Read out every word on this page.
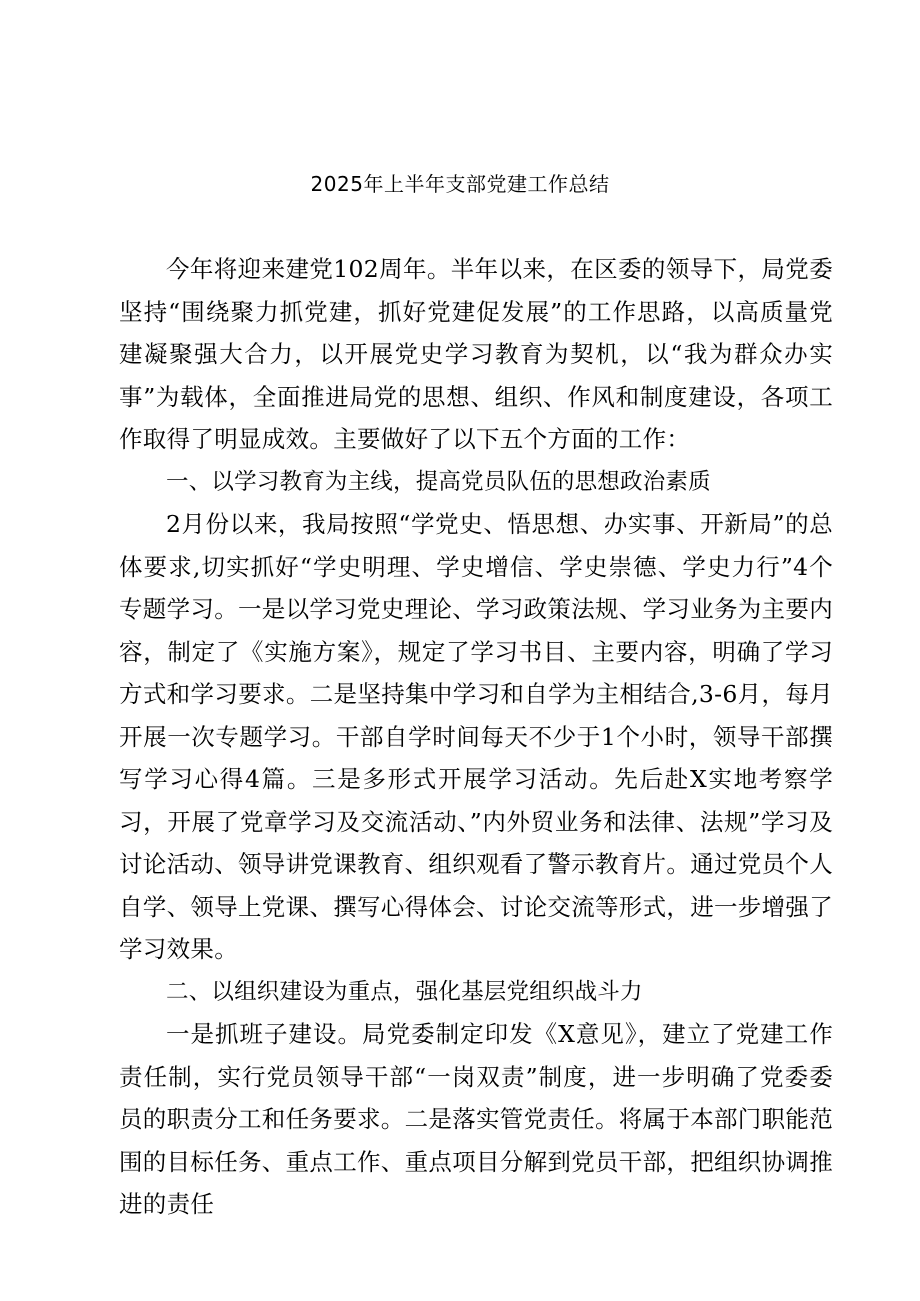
2025年上半年支部党建工作总结

今年将迎来建党102周年。半年以来，在区委的领导下，局党委坚持“围绕聚力抓党建，抓好党建促发展”的工作思路，以高质量党建凝聚强大合力，以开展党史学习教育为契机，以“我为群众办实事”为载体，全面推进局党的思想、组织、作风和制度建设，各项工作取得了明显成效。主要做好了以下五个方面的工作：

一、以学习教育为主线，提高党员队伍的思想政治素质

2月份以来，我局按照“学党史、悟思想、办实事、开新局”的总体要求,切实抓好“学史明理、学史增信、学史崇德、学史力行”4个专题学习。一是以学习党史理论、学习政策法规、学习业务为主要内容，制定了《实施方案》，规定了学习书目、主要内容，明确了学习方式和学习要求。二是坚持集中学习和自学为主相结合,3-6月，每月开展一次专题学习。干部自学时间每天不少于1个小时，领导干部撰写学习心得4篇。三是多形式开展学习活动。先后赴X实地考察学习，开展了党章学习及交流活动、”内外贸业务和法律、法规”学习及讨论活动、领导讲党课教育、组织观看了警示教育片。通过党员个人自学、领导上党课、撰写心得体会、讨论交流等形式，进一步增强了学习效果。

二、以组织建设为重点，强化基层党组织战斗力

一是抓班子建设。局党委制定印发《X意见》，建立了党建工作责任制，实行党员领导干部“一岗双责”制度，进一步明确了党委委员的职责分工和任务要求。二是落实管党责任。将属于本部门职能范围的目标任务、重点工作、重点项目分解到党员干部，把组织协调推进的责任
